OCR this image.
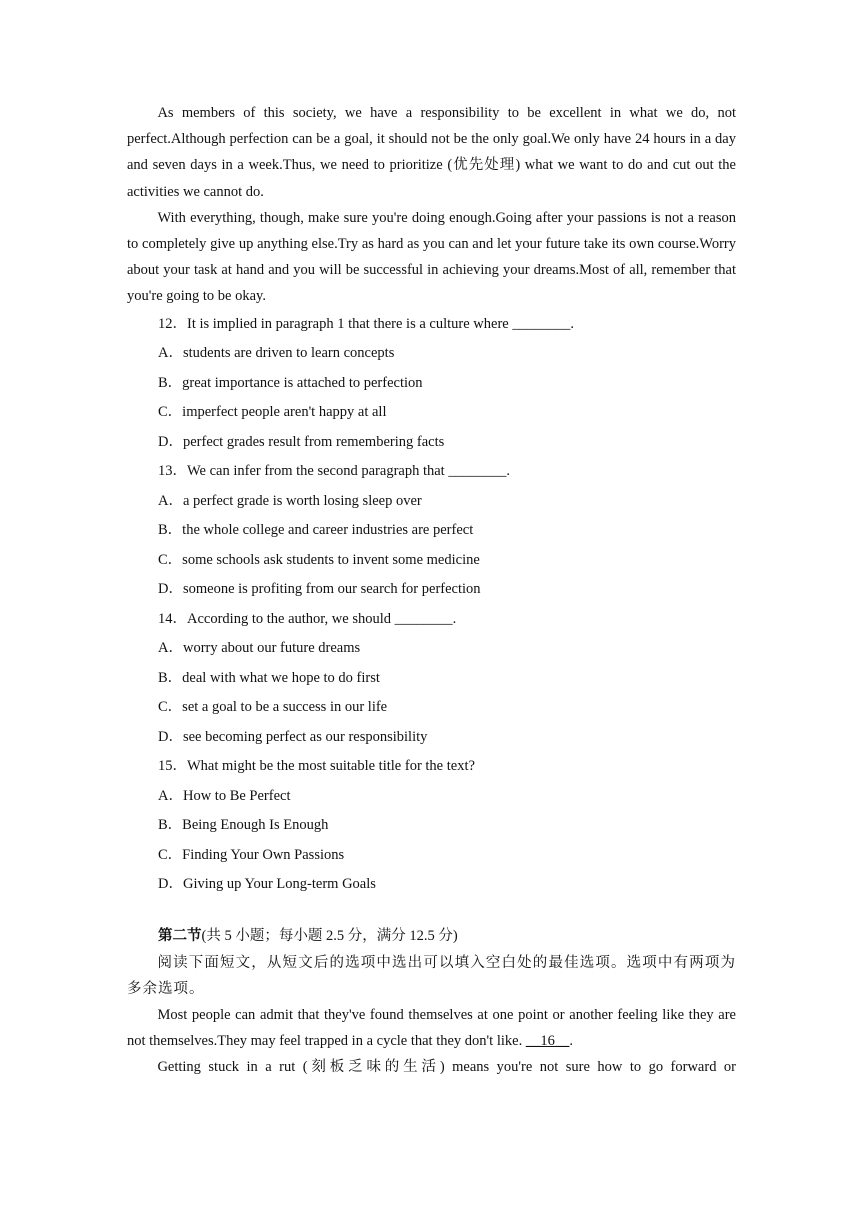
As members of this society, we have a responsibility to be excellent in what we do, not perfect.Although perfection can be a goal, it should not be the only goal.We only have 24 hours in a day and seven days in a week.Thus, we need to prioritize (优先处理) what we want to do and cut out the activities we cannot do.

With everything, though, make sure you're doing enough.Going after your passions is not a reason to completely give up anything else.Try as hard as you can and let your future take its own course.Worry about your task at hand and you will be successful in achieving your dreams.Most of all, remember that you're going to be okay.

12．It is implied in paragraph 1 that there is a culture where ________.

A．students are driven to learn concepts

B．great importance is attached to perfection

C．imperfect people aren't happy at all

D．perfect grades result from remembering facts

13．We can infer from the second paragraph that ________.

A．a perfect grade is worth losing sleep over

B．the whole college and career industries are perfect

C．some schools ask students to invent some medicine

D．someone is profiting from our search for perfection

14．According to the author, we should ________.

A．worry about our future dreams

B．deal with what we hope to do first

C．set a goal to be a success in our life

D．see becoming perfect as our responsibility

15．What might be the most suitable title for the text?

A．How to Be Perfect

B．Being Enough Is Enough

C．Finding Your Own Passions

D．Giving up Your Long-term Goals

第二节(共 5 小题；每小题 2.5 分，满分 12.5 分)

阅读下面短文，从短文后的选项中选出可以填入空白处的最佳选项。选项中有两项为多余选项。

Most people can admit that they've found themselves at one point or another feeling like they are not themselves.They may feel trapped in a cycle that they don't like. __16__.

Getting stuck in a rut (刻板乏味的生活) means you're not sure how to go forward or
